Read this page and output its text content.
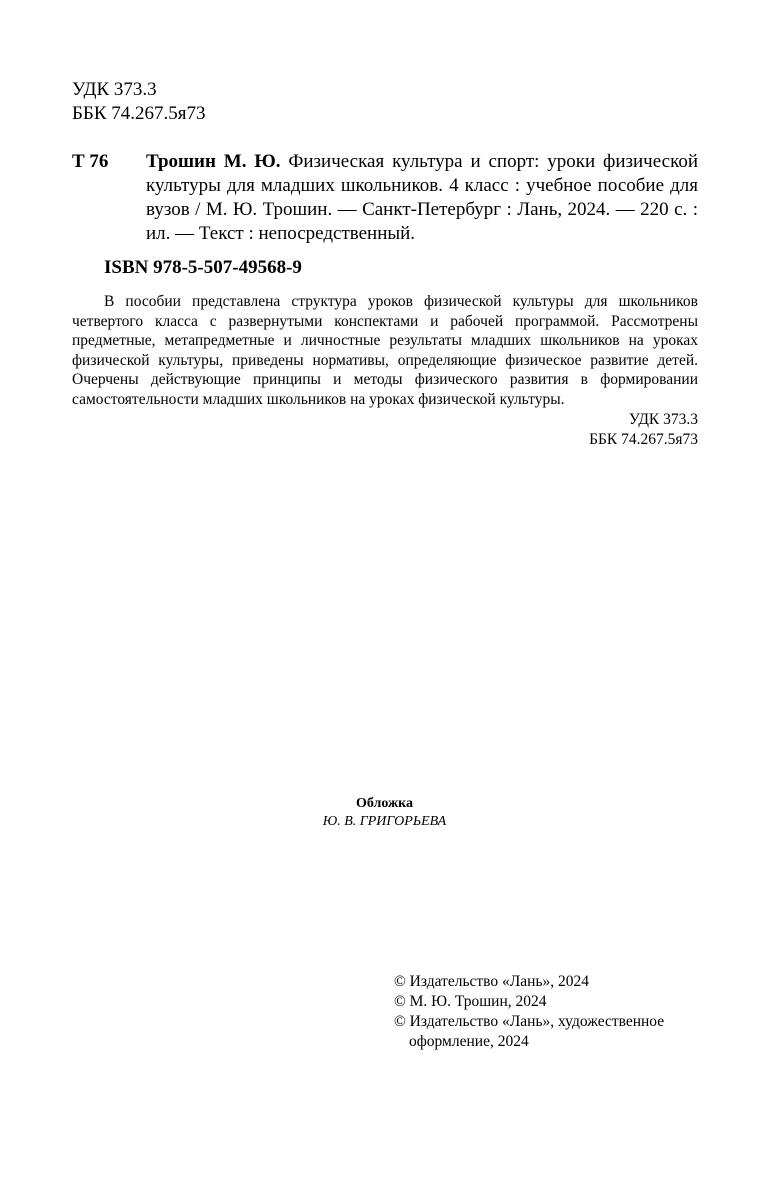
УДК 373.3
ББК 74.267.5я73
Т 76 Трошин М. Ю. Физическая культура и спорт: уроки физической культуры для младших школьников. 4 класс : учебное пособие для вузов / М. Ю. Трошин. — Санкт-Петербург : Лань, 2024. — 220 с. : ил. — Текст : непосредственный.
ISBN 978-5-507-49568-9
В пособии представлена структура уроков физической культуры для школьников четвертого класса с развернутыми конспектами и рабочей программой. Рассмотрены предметные, метапредметные и личностные результаты младших школьников на уроках физической культуры, приведены нормативы, определяющие физическое развитие детей. Очерчены действующие принципы и методы физического развития в формировании самостоятельности младших школьников на уроках физической культуры.
УДК 373.3
ББК 74.267.5я73
Обложка
Ю. В. ГРИГОРЬЕВА
© Издательство «Лань», 2024
© М. Ю. Трошин, 2024
© Издательство «Лань», художественное
оформление, 2024
